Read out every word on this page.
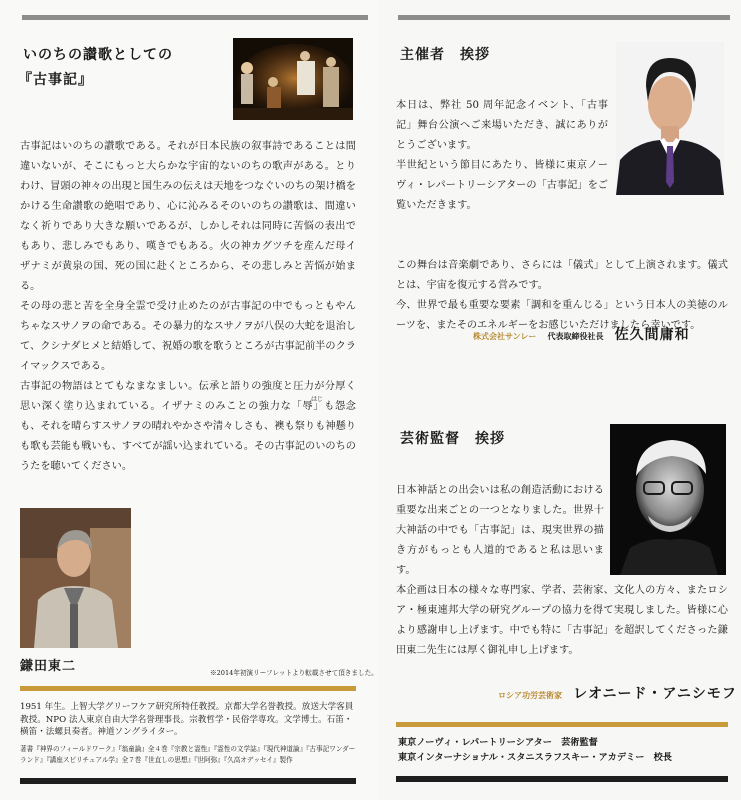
いのちの讃歌としての
『古事記』

古事記はいのちの讃歌である。それが日本民族の叙事詩であることは間違いないが、そこにもっと大らかな宇宙的ないのちの歌声がある。とりわけ、冒頭の神々の出現と国生みの伝えは天地をつなぐいのちの架け橋をかける生命讃歌の絶唱であり、心に沁みるそのいのちの讃歌は、間違いなく祈りであり大きな願いであるが、しかしそれは同時に苦悩の表出でもあり、悲しみでもあり、嘆きでもある。火の神カグツチを産んだ母イザナミが黄泉の国、死の国に赴くところから、その悲しみと苦悩が始まる。

その母の悲と苦を全身全霊で受け止めたのが古事記の中でもっともやんちゃなスサノヲの命である。その暴力的なスサノヲが八俣の大蛇を退治して、クシナダヒメと結婚して、祝婚の歌を歌うところが古事記前半のクライマックスである。

古事記の物語はとてもなまなましい。伝承と語りの強度と圧力が分厚く思い深く塗り込まれている。イザナミのみことの強力な「辱」も怨念も、それを晴らすスサノヲの晴れやかさや清々しさも、襖も祭りも神懸りも歌も芸能も戦いも、すべてが謡い込まれている。その古事記のいのちのうたを聴いてください。

はじ
鎌田東二	※2014年初演リーフレットより転載させて頂きました。
1951 年生。上智大学グリーフケア研究所特任教授。京都大学名誉教授。放送大学客員教授。NPO 法人東京自由大学名誉理事長。宗教哲学・民俗学専攻。文学博士。石笛・横笛・法螺貝奏者。神道ソングライター。
著書『神界のフィールドワーク』『翁童論』全４巻『宗教と霊性』『霊性の文学誌』『現代神道論』『古事記ワンダーランド』『講座スピリチュアル学』全７巻『世直しの思想』『世阿弥』『久高オデッセイ』製作
主催者　挨拶

本日は、弊社 50 周年記念イベント、「古事記」舞台公演へご来場いただき、誠にありがとうございます。

半世紀という節目にあたり、皆様に東京ノーヴィ・レパートリーシアターの「古事記」をご覧いただきます。

この舞台は音楽劇であり、さらには「儀式」として上演されます。儀式とは、宇宙を復元する営みです。

今、世界で最も重要な要素「調和を重んじる」という日本人の美徳のルーツを、またそのエネルギーをお感じいただけましたら幸いです。

株式会社サンレー 代表取締役社長 佐久間庸和
芸術監督　挨拶

日本神話との出会いは私の創造活動における重要な出来ごとの一つとなりました。世界十大神話の中でも「古事記」は、現実世界の描き方がもっとも人道的であると私は思います。

本企画は日本の様々な専門家、学者、芸術家、文化人の方々、またロシア・極東連邦大学の研究グループの協力を得て実現しました。皆様に心より感謝申し上げます。中でも特に「古事記」を超訳してくださった鎌田東二先生には厚く御礼申し上げます。

ロシア功労芸術家 レオニード・アニシモフ
東京ノーヴィ・レパートリーシアター　芸術監督
東京インターナショナル・スタニスラフスキー・アカデミー　校長
